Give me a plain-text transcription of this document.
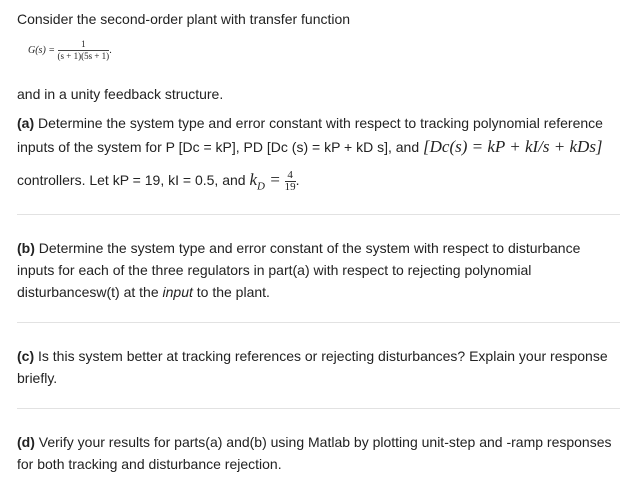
Consider the second-order plant with transfer function
$G(s) = \frac{1}{(s + 1)(5s + 1)}$ .
and in a unity feedback structure.
(a) Determine the system type and error constant with respect to tracking polynomial reference
inputs of the system for P [Dc = kP], PD [Dc (s) = kP + kD s], and [Dc(s) = kP + kI/s + kDs]
controllers. Let kP = 19, kI = 0.5, and $k_D = \frac{4}{19}$ .
(b) Determine the system type and error constant of the system with respect to disturbance
inputs for each of the three regulators in part(a) with respect to rejecting polynomial
disturbancesw(t) at the input to the plant.
(c) Is this system better at tracking references or rejecting disturbances? Explain your response
briefly.
(d) Verify your results for parts(a) and(b) using Matlab by plotting unit-step and -ramp responses
for both tracking and disturbance rejection.
